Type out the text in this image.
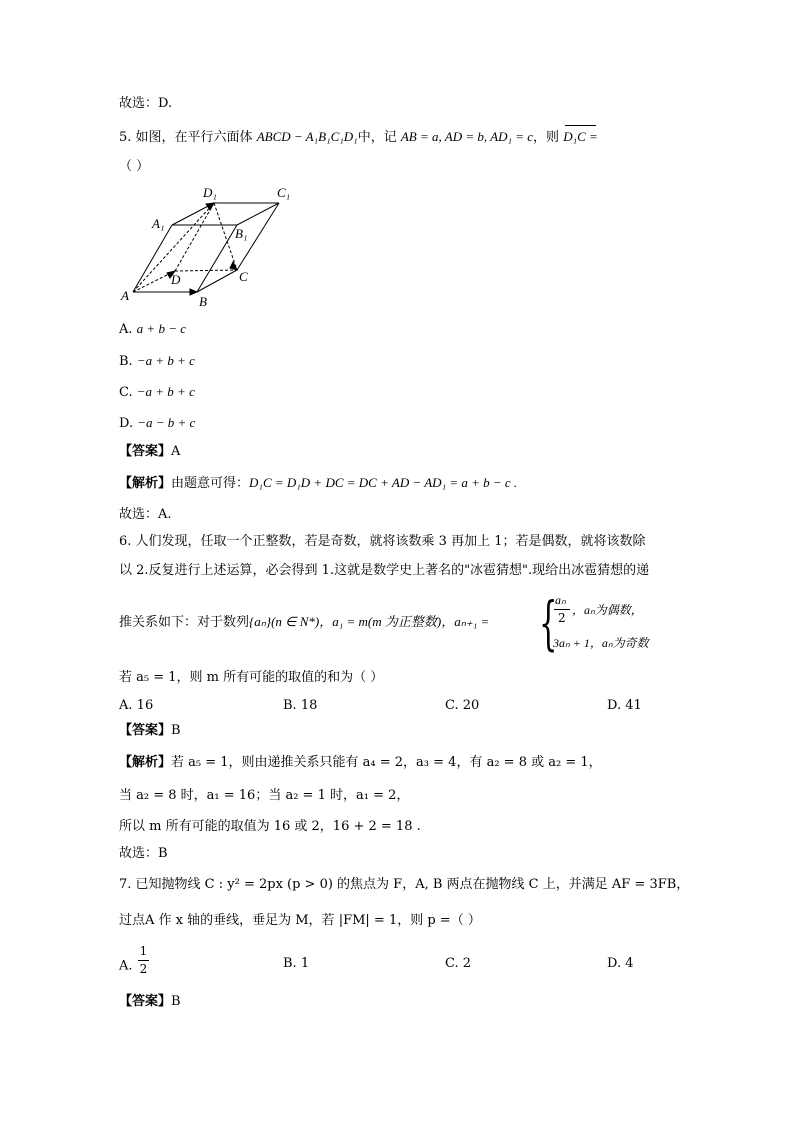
故选：D.
5. 如图，在平行六面体 ABCD − A₁B₁C₁D₁中，记 AB = a, AD = b, AD₁ = c，则 D₁C =
（ ）
D₁	C₁
A₁
B₁
A	B
C
D
A. a + b − c
B. −a + b + c
C. −a + b + c
D. −a − b + c
【答案】A
【解析】由题意可得：D₁C = D₁D + DC = DC + AD − AD₁ = a + b − c .
故选：A.
6. 人们发现，任取一个正整数，若是奇数，就将该数乘 3 再加上 1；若是偶数，就将该数除
以 2.反复进行上述运算，必会得到 1.这就是数学史上著名的"冰雹猜想".现给出冰雹猜想的递
推关系如下：对于数列{aₙ}(n ∈ N*)，a₁ = m(m 为正整数)，aₙ₊₁ = {
aₙ
2
，aₙ为偶数，
3aₙ + 1，aₙ为奇数
若 a₅ = 1，则 m 所有可能的取值的和为（ ）
A. 16	B. 18	C. 20	D. 41
【答案】B
【解析】若 a₅ = 1，则由递推关系只能有 a₄ = 2，a₃ = 4，有 a₂ = 8 或 a₂ = 1，
当 a₂ = 8 时，a₁ = 16；当 a₂ = 1 时，a₁ = 2，
所以 m 所有可能的取值为 16 或 2，16 + 2 = 18 .
故选：B
7. 已知抛物线 C : y² = 2px (p > 0) 的焦点为 F，A, B 两点在抛物线 C 上，并满足 AF = 3FB，
过点A 作 x 轴的垂线，垂足为 M，若 |FM| = 1，则 p =（ ）
A. $\frac{1}{2}$	B. 1	C. 2	D. 4
【答案】B
